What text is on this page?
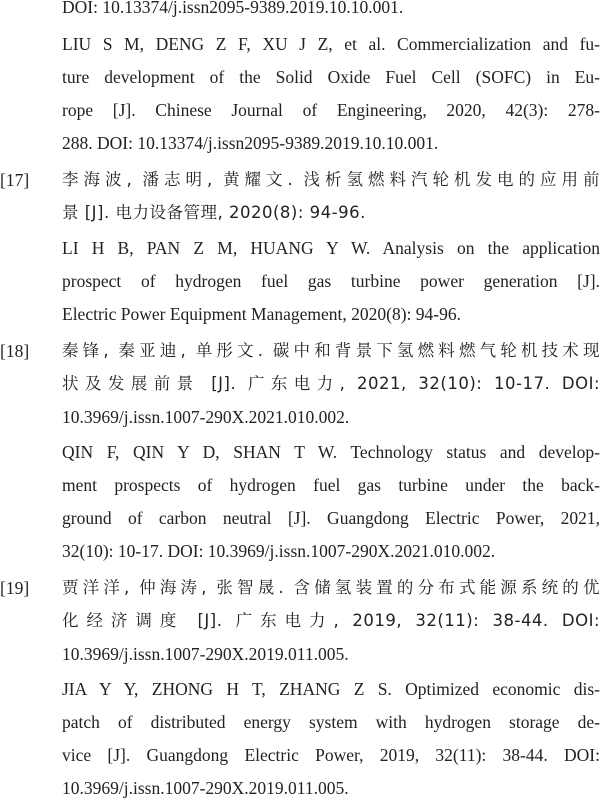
DOI: 10.13374/j.issn2095-9389.2019.10.10.001.
LIU S M, DENG Z F, XU J Z, et al. Commercialization and fu-
ture development of the Solid Oxide Fuel Cell (SOFC) in Eu-
rope [J]. Chinese Journal of Engineering, 2020, 42(3): 278-
288. DOI: 10.13374/j.issn2095-9389.2019.10.10.001.
[17] 李海波, 潘志明, 黄耀文. 浅析氢燃料汽轮机发电的应用前
景 [J]. 电力设备管理, 2020(8): 94-96.
LI H B, PAN Z M, HUANG Y W. Analysis on the application
prospect of hydrogen fuel gas turbine power generation [J].
Electric Power Equipment Management, 2020(8): 94-96.
[18] 秦锋, 秦亚迪, 单彤文. 碳中和背景下氢燃料燃气轮机技术现
状及发展前景 [J]. 广东电力, 2021, 32(10): 10-17. DOI:
10.3969/j.issn.1007-290X.2021.010.002.
QIN F, QIN Y D, SHAN T W. Technology status and develop-
ment prospects of hydrogen fuel gas turbine under the back-
ground of carbon neutral [J]. Guangdong Electric Power, 2021,
32(10): 10-17. DOI: 10.3969/j.issn.1007-290X.2021.010.002.
[19] 贾洋洋, 仲海涛, 张智晟. 含储氢装置的分布式能源系统的优
化经济调度 [J]. 广东电力, 2019, 32(11): 38-44. DOI:
10.3969/j.issn.1007-290X.2019.011.005.
JIA Y Y, ZHONG H T, ZHANG Z S. Optimized economic dis-
patch of distributed energy system with hydrogen storage de-
vice [J]. Guangdong Electric Power, 2019, 32(11): 38-44. DOI:
10.3969/j.issn.1007-290X.2019.011.005.
